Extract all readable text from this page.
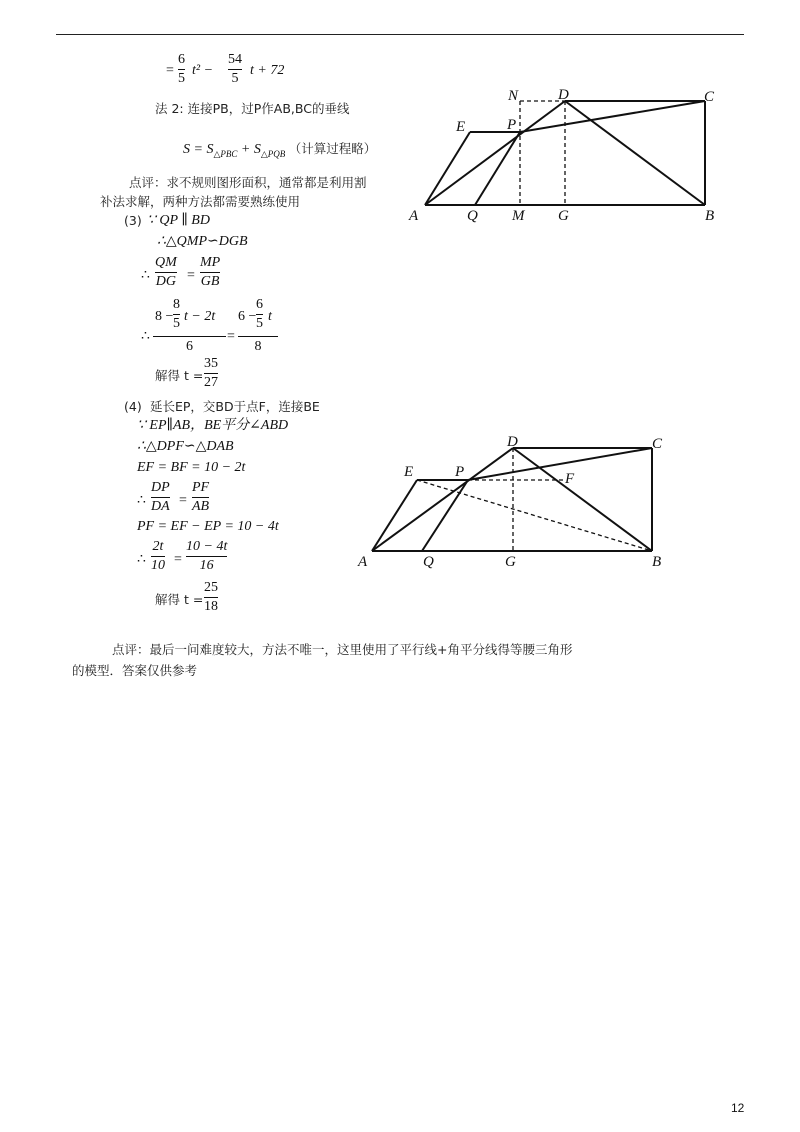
=
6
5
t² −
54
5
t + 72
法 2: 连接PB，过P作AB,BC的垂线
$S = S_{\triangle PBC} + S_{\triangle PQB}$ （计算过程略）
点评：求不规则图形面积，通常都是利用割
补法求解，两种方法都需要熟练使用
(3) ∵ QP ∥ BD
∴△QMP∽DGB
∴
QM
DG =
MP
GB
∴
8 −
8
5 t − 2t
6
=
6 −
6
5 t
8
解得 t =
35
27
(4) 延长EP，交BD于点F，连接BE
∵ EP∥AB，BE平分∠ABD
∴△DPF∽△DAB
EF = BF = 10 − 2t
∴
DP
DA =
PF
AB
PF = EF − EP = 10 − 4t
∴
2t
10 =
10 − 4t
16
解得 t =
25
18
点评：最后一问难度较大，方法不唯一，这里使用了平行线+角平分线得等腰三角形
的模型．答案仅供参考
N	D	C
E	P
A	Q M G	B
D	C
E	P	F
A	Q	G	B
12
